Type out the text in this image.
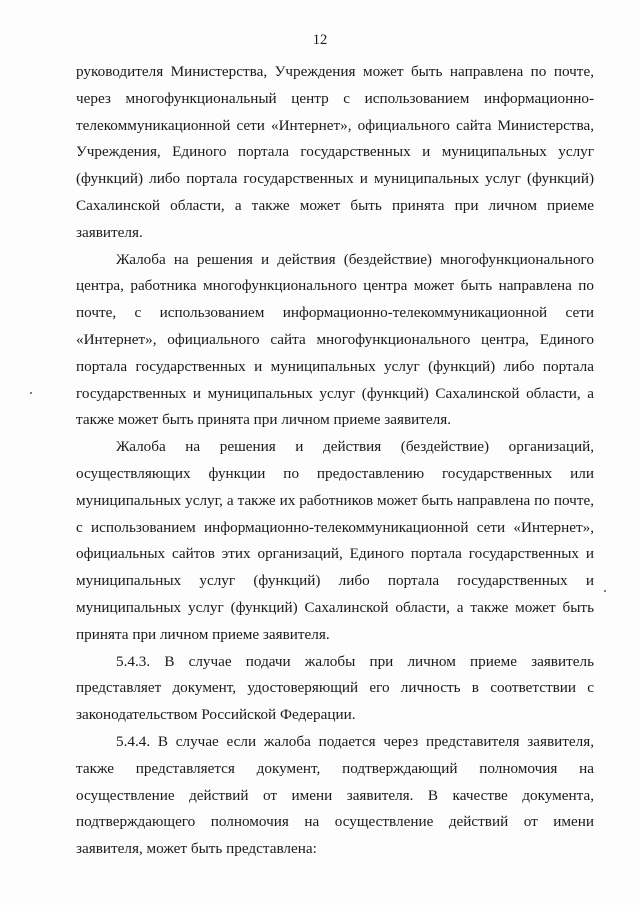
12

руководителя Министерства, Учреждения может быть направлена по почте, через многофункциональный центр с использованием информационно-телекоммуникационной сети «Интернет», официального сайта Министерства, Учреждения, Единого портала государственных и муниципальных услуг (функций) либо портала государственных и муниципальных услуг (функций) Сахалинской области, а также может быть принята при личном приеме заявителя.

Жалоба на решения и действия (бездействие) многофункционального центра, работника многофункционального центра может быть направлена по почте, с использованием информационно-телекоммуникационной сети «Интернет», официального сайта многофункционального центра, Единого портала государственных и муниципальных услуг (функций) либо портала государственных и муниципальных услуг (функций) Сахалинской области, а также может быть принята при личном приеме заявителя.

Жалоба на решения и действия (бездействие) организаций, осуществляющих функции по предоставлению государственных или муниципальных услуг, а также их работников может быть направлена по почте, с использованием информационно-телекоммуникационной сети «Интернет», официальных сайтов этих организаций, Единого портала государственных и муниципальных услуг (функций) либо портала государственных и муниципальных услуг (функций) Сахалинской области, а также может быть принята при личном приеме заявителя.

5.4.3. В случае подачи жалобы при личном приеме заявитель представляет документ, удостоверяющий его личность в соответствии с законодательством Российской Федерации.

5.4.4. В случае если жалоба подается через представителя заявителя, также представляется документ, подтверждающий полномочия на осуществление действий от имени заявителя. В качестве документа, подтверждающего полномочия на осуществление действий от имени заявителя, может быть представлена:
